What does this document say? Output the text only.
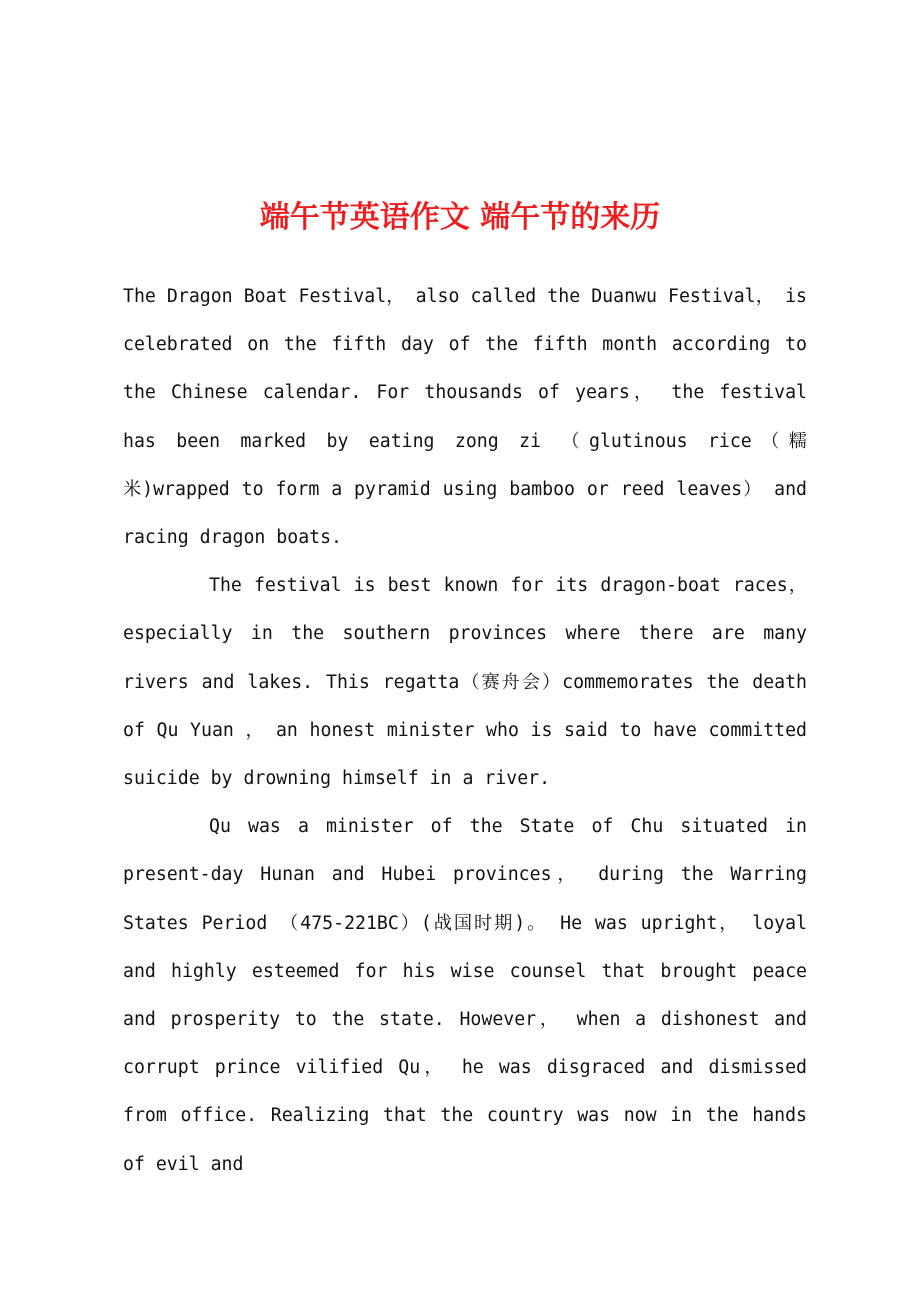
端午节英语作文 端午节的来历

The Dragon Boat Festival， also called the Duanwu Festival， is celebrated on the fifth day of the fifth month according to the Chinese calendar. For thousands of years， the festival has been marked by eating zong zi （glutinous rice（糯米)wrapped to form a pyramid using bamboo or reed leaves） and racing dragon boats.

The festival is best known for its dragon-boat races， especially in the southern provinces where there are many rivers and lakes. This regatta（赛舟会）commemorates the death of Qu Yuan ， an honest minister who is said to have committed suicide by drowning himself in a river.

Qu was a minister of the State of Chu situated in present-day Hunan and Hubei provinces， during the Warring States Period （475-221BC）(战国时期)。 He was upright， loyal and highly esteemed for his wise counsel that brought peace and prosperity to the state. However， when a dishonest and corrupt prince vilified Qu， he was disgraced and dismissed from office. Realizing that the country was now in the hands of evil and
